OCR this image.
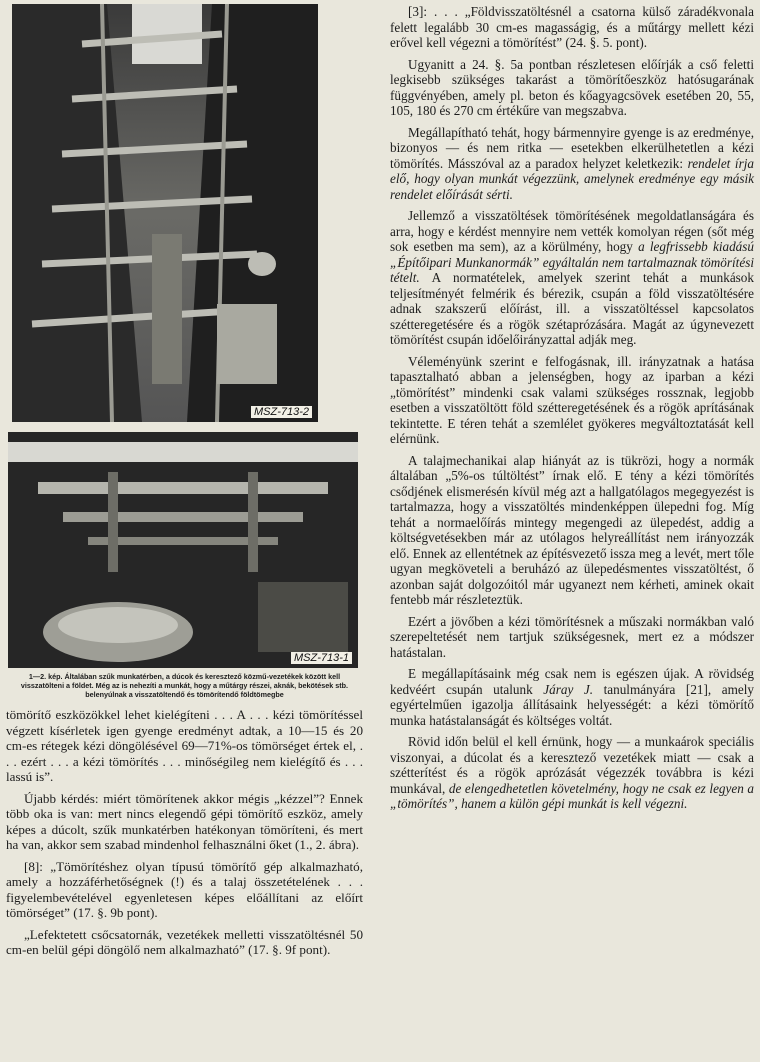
MSZ-713-2
MSZ-713-1
1—2. kép. Általában szűk munkatérben, a dúcok és keresztező közmű-vezetékek között kell visszatölteni a földet. Még az is nehezíti a munkát, hogy a műtárgy részei, aknák, bekötések stb. belenyúlnak a visszatöltendő és tömörítendő földtömegbe

tömörítő eszközökkel lehet kielégíteni . . . A . . . kézi tömörítéssel végzett kísérletek igen gyenge eredményt adtak, a 10—15 és 20 cm-es rétegek kézi döngölésével 69—71%-os tömörséget értek el, . . . ezért . . . a kézi tömörítés . . . minőségileg nem kielégítő és . . . lassú is”.

Újabb kérdés: miért tömörítenek akkor mégis „kézzel”? Ennek több oka is van: mert nincs elegendő gépi tömörítő eszköz, amely képes a dúcolt, szűk munkatérben hatékonyan tömöríteni, és mert ha van, akkor sem szabad mindenhol felhasználni őket (1., 2. ábra).

[8]: „Tömörítéshez olyan típusú tömörítő gép alkalmazható, amely a hozzáférhetőségnek (!) és a talaj összetételének . . . figyelembevételével egyenletesen képes előállítani az előírt tömörséget” (17. §. 9b pont).

„Lefektetett csőcsatornák, vezetékek melletti visszatöltésnél 50 cm-en belül gépi döngölő nem alkalmazható” (17. §. 9f pont).

[3]: . . . „Földvisszatöltésnél a csatorna külső záradékvonala felett legalább 30 cm-es magasságig, és a műtárgy mellett kézi erővel kell végezni a tömörítést” (24. §. 5. pont).

Ugyanitt a 24. §. 5a pontban részletesen előírják a cső feletti legkisebb szükséges takarást a tömörítőeszköz hatósugarának függvényében, amely pl. beton és kőagyagcsövek esetében 20, 55, 105, 180 és 270 cm értékűre van megszabva.

Megállapítható tehát, hogy bármennyire gyenge is az eredménye, bizonyos — és nem ritka — esetekben elkerülhetetlen a kézi tömörítés. Másszóval az a paradox helyzet keletkezik: rendelet írja elő, hogy olyan munkát végezzünk, amelynek eredménye egy másik rendelet előírását sérti.

Jellemző a visszatöltések tömörítésének megoldatlanságára és arra, hogy e kérdést mennyire nem vették komolyan régen (sőt még sok esetben ma sem), az a körülmény, hogy a legfrissebb kiadású „Építőipari Munkanormák” egyáltalán nem tartalmaznak tömörítési tételt. A normatételek, amelyek szerint tehát a munkások teljesítményét felmérik és bérezik, csupán a föld visszatöltésére adnak szakszerű előírást, ill. a visszatöltéssel kapcsolatos szétteregetésére és a rögök szétaprózására. Magát az úgynevezett tömörítést csupán időelőirányzattal adják meg.

Véleményünk szerint e felfogásnak, ill. irányzatnak a hatása tapasztalható abban a jelenségben, hogy az iparban a kézi „tömörítést” mindenki csak valami szükséges rossznak, legjobb esetben a visszatöltött föld szétteregetésének és a rögök aprításának tekintette. E téren tehát a szemlélet gyökeres megváltoztatását kell elérnünk.

A talajmechanikai alap hiányát az is tükrözi, hogy a normák általában „5%-os túltöltést” írnak elő. E tény a kézi tömörítés csődjének elismerésén kívül még azt a hallgatólagos megegyezést is tartalmazza, hogy a visszatöltés mindenképpen ülepedni fog. Míg tehát a normaelőírás mintegy megengedi az ülepedést, addig a költségvetésekben már az utólagos helyreállítást nem irányozzák elő. Ennek az ellentétnek az építésvezető issza meg a levét, mert tőle ugyan megköveteli a beruházó az ülepedésmentes visszatöltést, ő azonban saját dolgozóitól már ugyanezt nem kérheti, aminek okait fentebb már részleteztük.

Ezért a jövőben a kézi tömörítésnek a műszaki normákban való szerepeltetését nem tartjuk szükségesnek, mert ez a módszer hatástalan.

E megállapításaink még csak nem is egészen újak. A rövidség kedvéért csupán utalunk Járay J. tanulmányára [21], amely egyértelműen igazolja állításaink helyességét: a kézi tömörítő munka hatástalanságát és költséges voltát.

Rövid időn belül el kell érnünk, hogy — a munkaárok speciális viszonyai, a dúcolat és a keresztező vezetékek miatt — csak a szétterítést és a rögök aprózását végezzék továbbra is kézi munkával, de elengedhetetlen követelmény, hogy ne csak ez legyen a „tömörítés”, hanem a külön gépi munkát is kell végezni.
